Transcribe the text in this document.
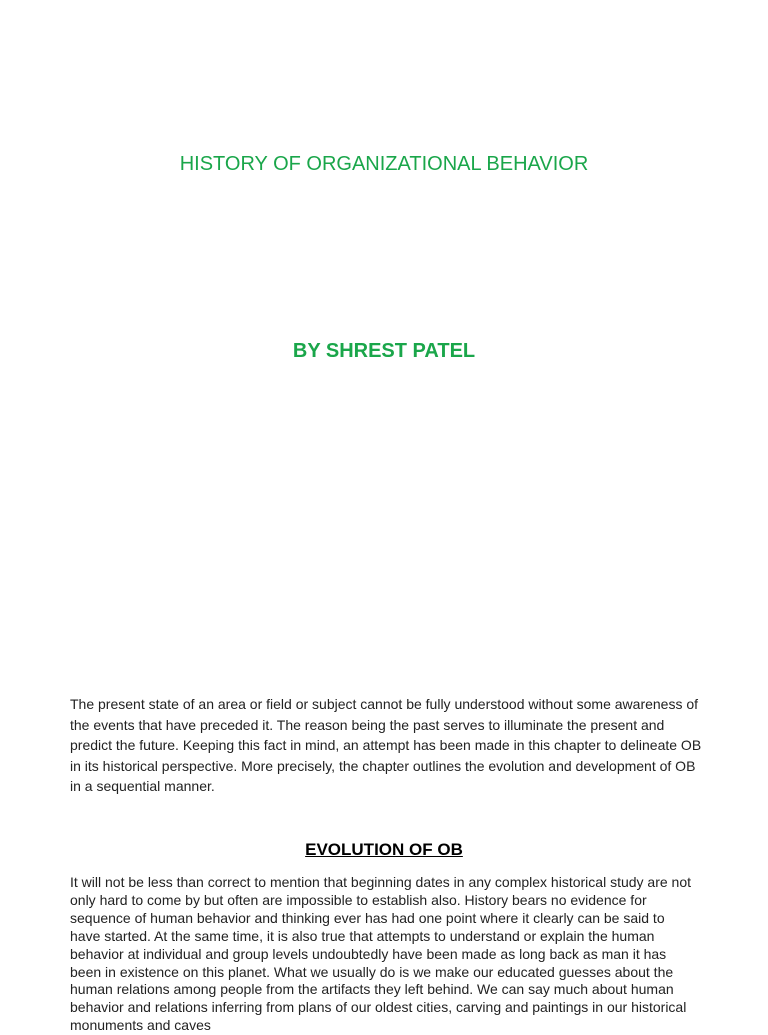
HISTORY OF ORGANIZATIONAL BEHAVIOR
BY SHREST PATEL

The present state of an area or field or subject cannot be fully understood without some awareness of the events that have preceded it. The reason being the past serves to illuminate the present and predict the future. Keeping this fact in mind, an attempt has been made in this chapter to delineate OB in its historical perspective. More precisely, the chapter outlines the evolution and development of OB in a sequential manner.

EVOLUTION OF OB

It will not be less than correct to mention that beginning dates in any complex historical study are not only hard to come by but often are impossible to establish also. History bears no evidence for sequence of human behavior and thinking ever has had one point where it clearly can be said to have started. At the same time, it is also true that attempts to understand or explain the human behavior at individual and group levels undoubtedly have been made as long back as man it has been in existence on this planet. What we usually do is we make our educated guesses about the human relations among people from the artifacts they left behind. We can say much about human behavior and relations inferring from plans of our oldest cities, carving and paintings in our historical monuments and caves
